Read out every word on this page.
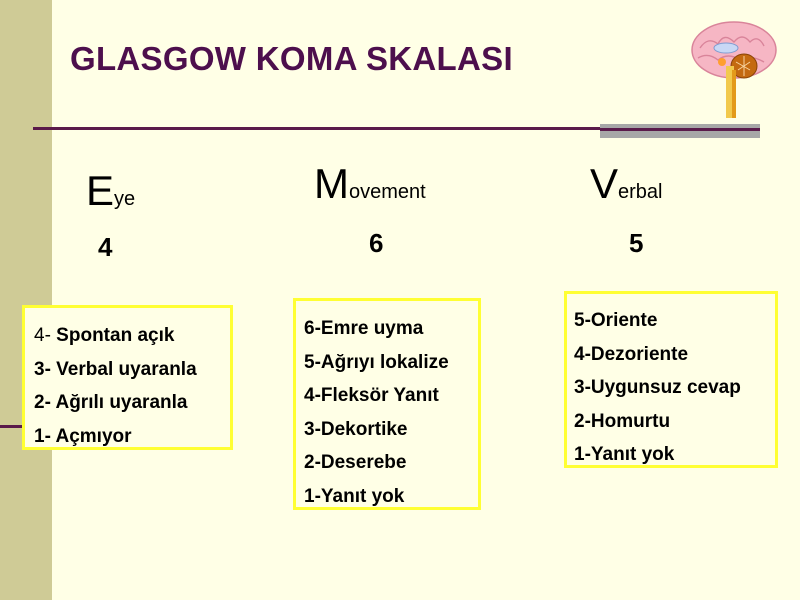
GLASGOW KOMA SKALASI
Eye
4
Movement
6
Verbal
5
4- Spontan açık
3- Verbal uyaranla
2- Ağrılı uyaranla
1- Açmıyor
6-Emre uyma
5-Ağrıyı lokalize
4-Fleksör Yanıt
3-Dekortike
2-Deserebe
1-Yanıt yok
5-Oriente
4-Dezoriente
3-Uygunsuz cevap
2-Homurtu
1-Yanıt yok
